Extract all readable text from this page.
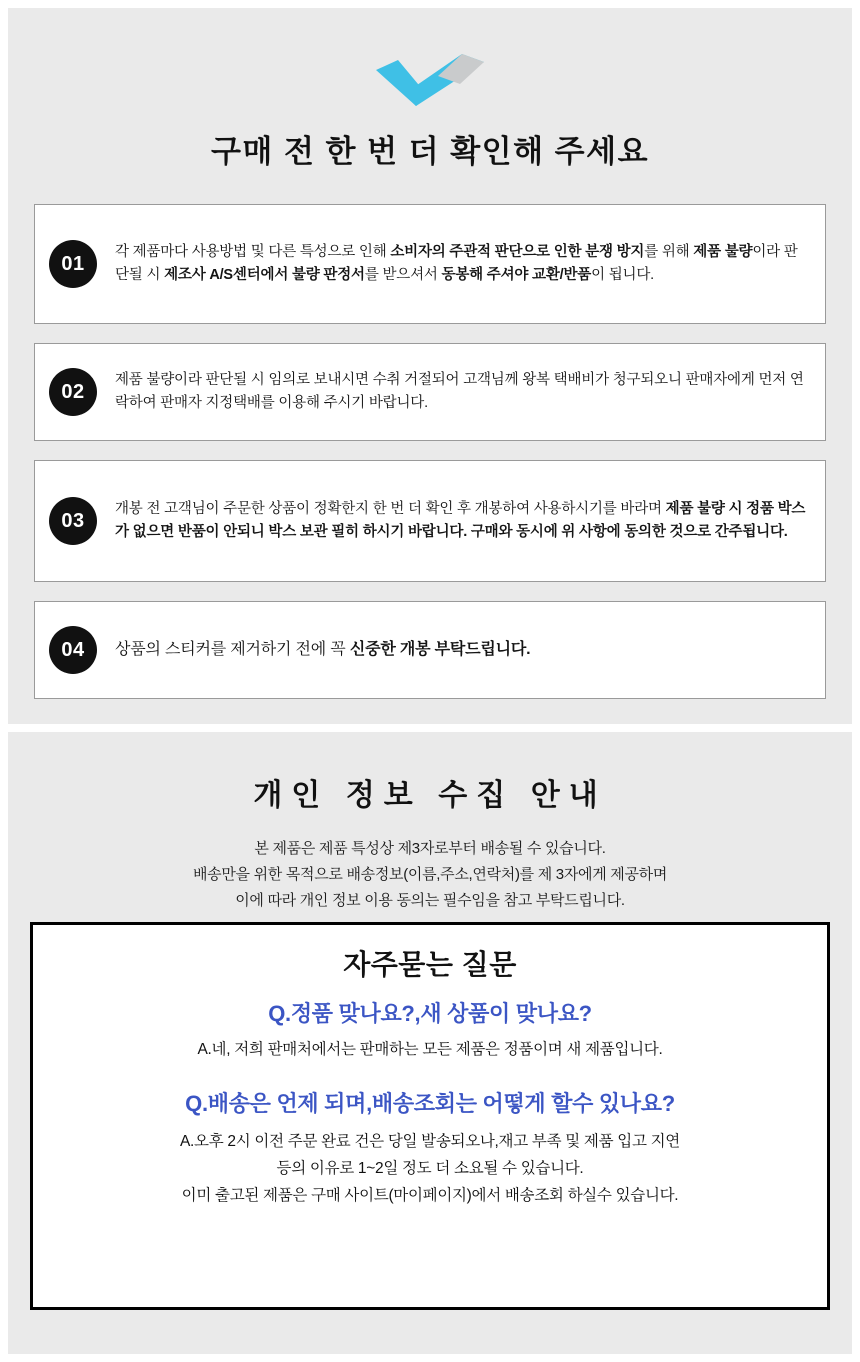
구매 전 한 번 더 확인해 주세요
01
각 제품마다 사용방법 및 다른 특성으로 인해 소비자의 주관적 판단으로 인한 분쟁 방지를 위해 제품 불량이라 판단될 시 제조사 A/S센터에서 불량 판정서를 받으셔서 동봉해 주셔야 교환/반품이 됩니다.
02
제품 불량이라 판단될 시 임의로 보내시면 수취 거절되어 고객님께 왕복 택배비가 청구되오니 판매자에게 먼저 연락하여 판매자 지정택배를 이용해 주시기 바랍니다.
03
개봉 전 고객님이 주문한 상품이 정확한지 한 번 더 확인 후 개봉하여 사용하시기를 바라며 제품 불량 시 정품 박스가 없으면 반품이 안되니 박스 보관 필히 하시기 바랍니다. 구매와 동시에 위 사항에 동의한 것으로 간주됩니다.
04	상품의 스티커를 제거하기 전에 꼭 신중한 개봉 부탁드립니다.
개인 정보 수집 안내
본 제품은 제품 특성상 제3자로부터 배송될 수 있습니다.
배송만을 위한 목적으로 배송정보(이름,주소,연락처)를 제 3자에게 제공하며
이에 따라 개인 정보 이용 동의는 필수임을 참고 부탁드립니다.
자주묻는 질문
Q.정품 맞나요?,새 상품이 맞나요?
A.네, 저희 판매처에서는 판매하는 모든 제품은 정품이며 새 제품입니다.
Q.배송은 언제 되며,배송조회는 어떻게 할수 있나요?
A.오후 2시 이전 주문 완료 건은 당일 발송되오나,재고 부족 및 제품 입고 지연
등의 이유로 1~2일 정도 더 소요될 수 있습니다.
이미 출고된 제품은 구매 사이트(마이페이지)에서 배송조회 하실수 있습니다.
